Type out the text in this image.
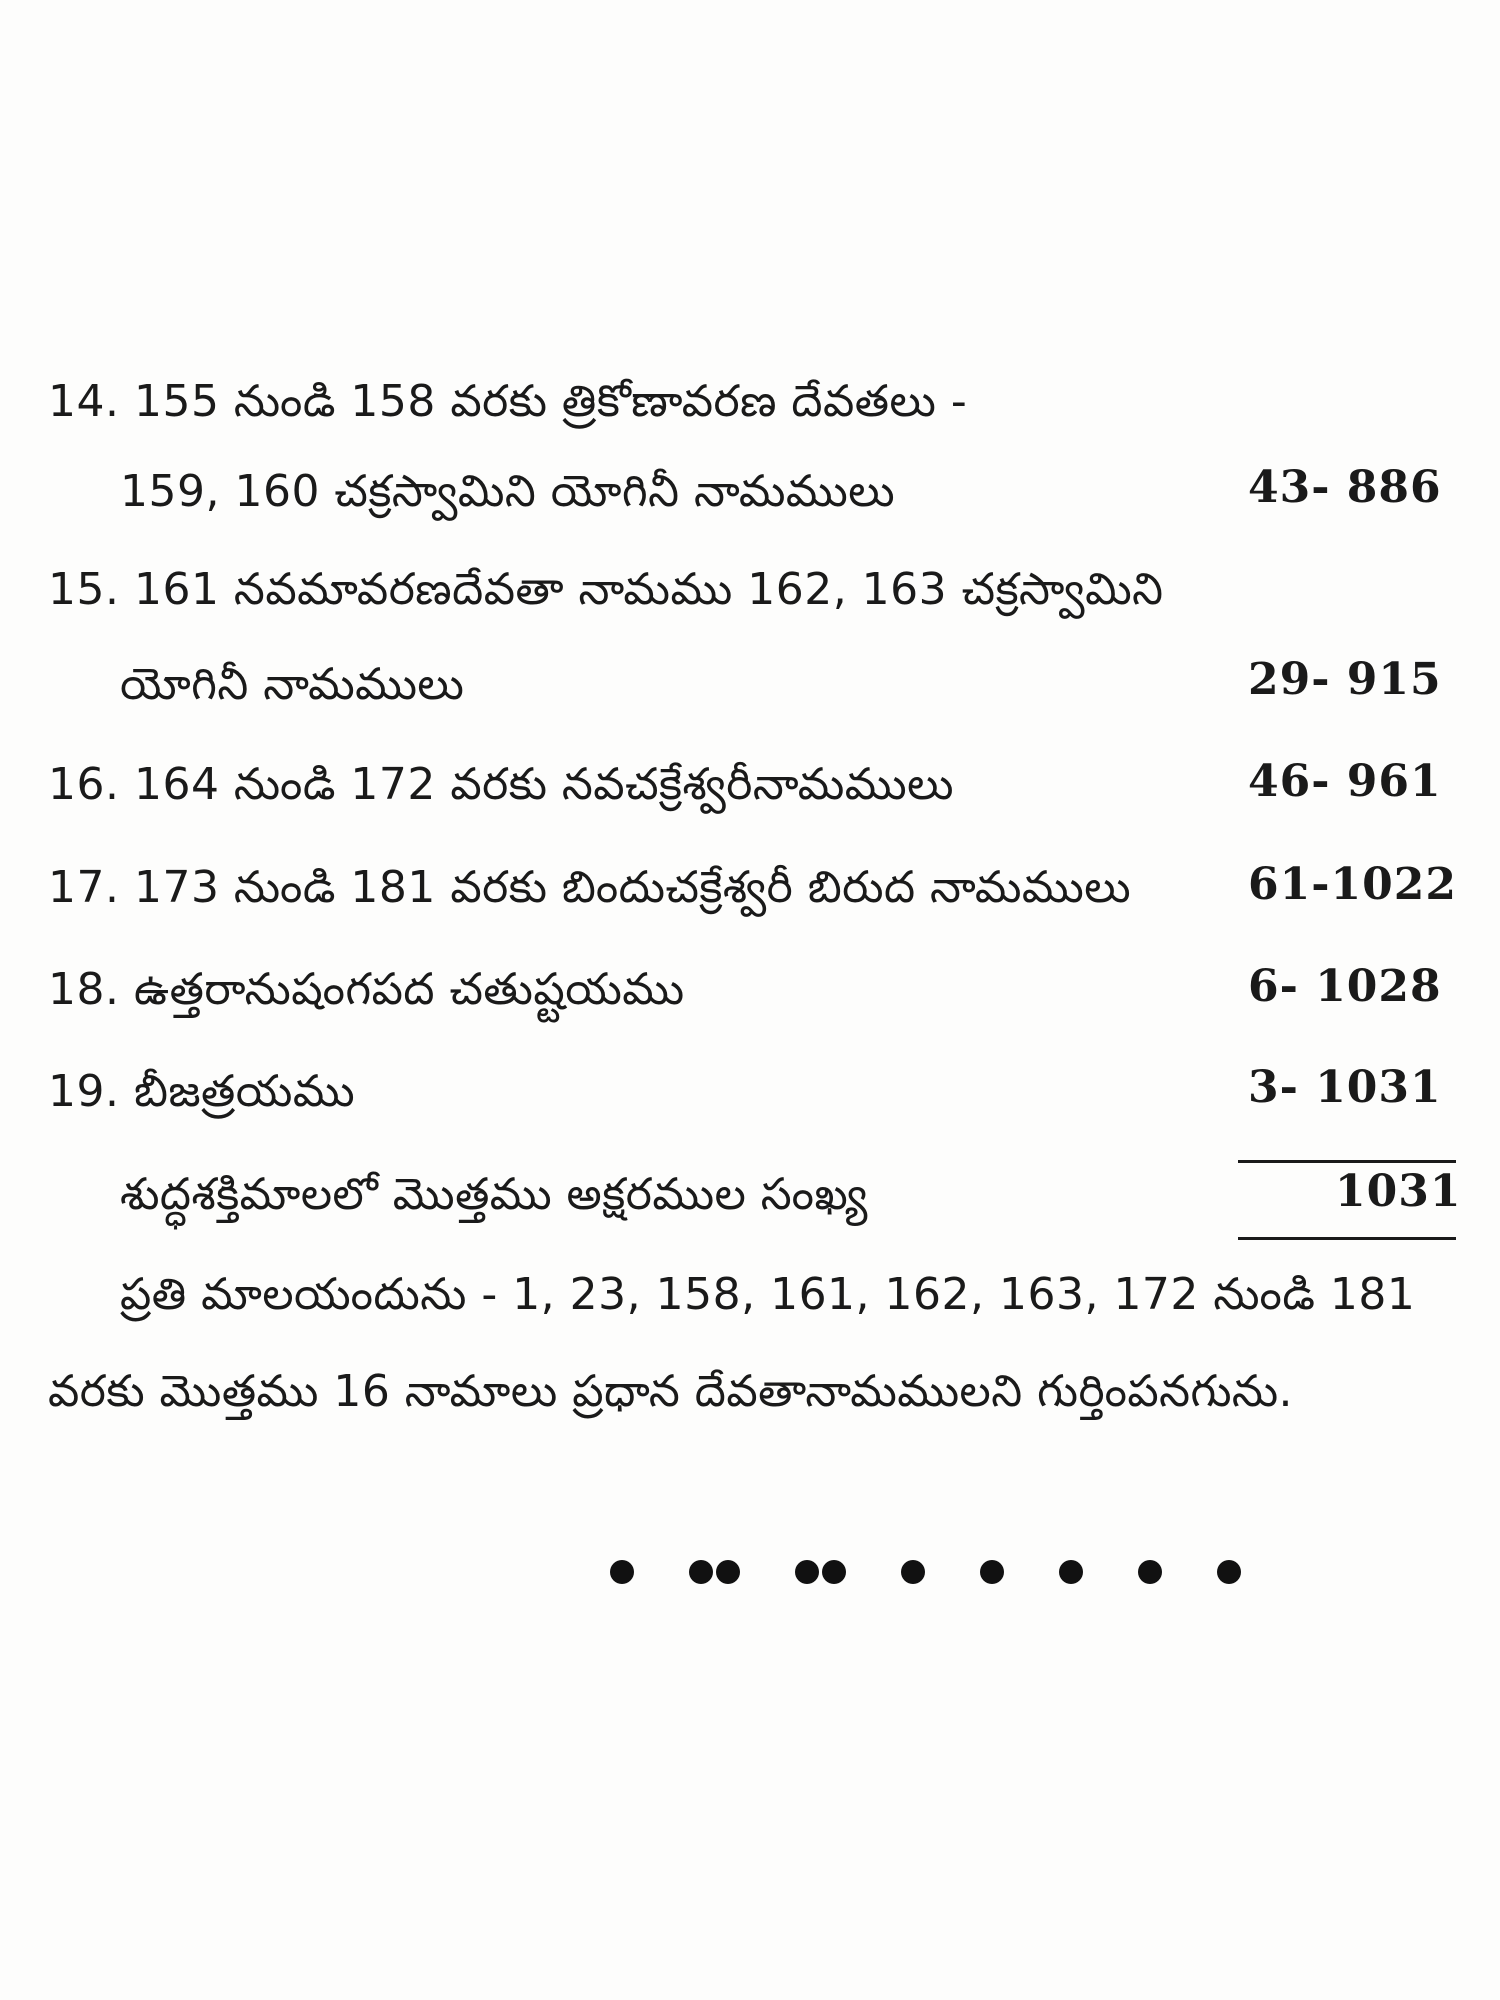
14. 155 నుండి 158 వరకు త్రికోణావరణ దేవతలు -
159, 160 చక్రస్వామిని యోగినీ నామములు	43- 886
15. 161 నవమావరణదేవతా నామము 162, 163 చక్రస్వామిని
యోగినీ నామములు	29- 915
16. 164 నుండి 172 వరకు నవచక్రేశ్వరీనామములు	46- 961
17. 173 నుండి 181 వరకు బిందుచక్రేశ్వరీ బిరుద నామములు	61-1022
18. ఉత్తరానుషంగపద చతుష్టయము	6- 1028
19. బీజత్రయము	3- 1031
శుద్ధశక్తిమాలలో మొత్తము అక్షరముల సంఖ్య	1031
ప్రతి మాలయందును - 1, 23, 158, 161, 162, 163, 172 నుండి 181
వరకు మొత్తము 16 నామాలు ప్రధాన దేవతానామములని గుర్తింపనగును.
